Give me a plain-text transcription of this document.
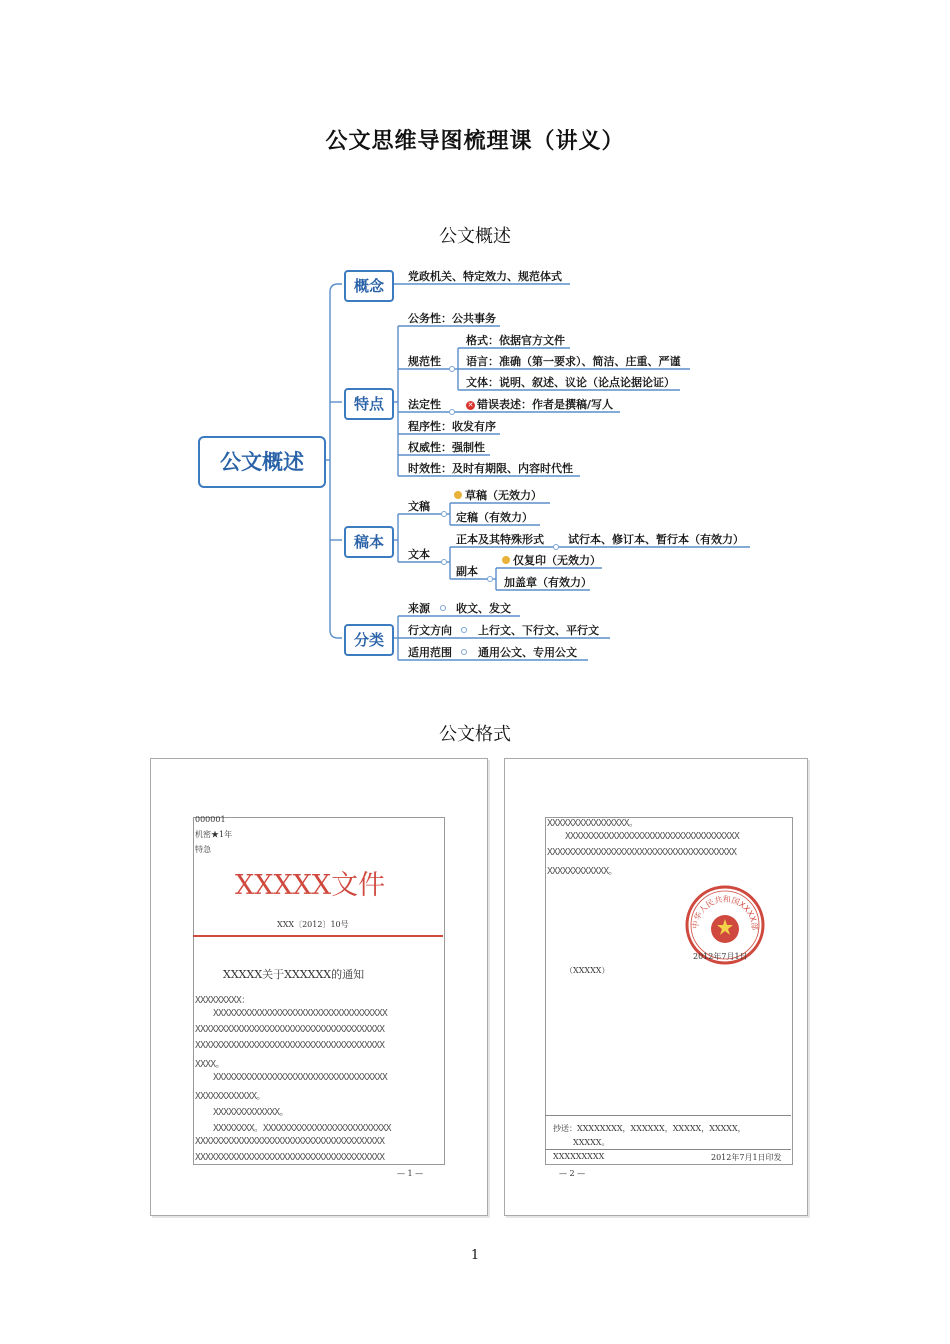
公文思维导图梳理课（讲义）
公文概述
公文概述
概念
特点
稿本
分类
党政机关、特定效力、规范体式
公务性：公共事务
规范性
格式：依据官方文件
语言：准确（第一要求）、简洁、庄重、严谨
文体：说明、叙述、议论（论点论据论证）
法定性	✕ 错误表述：作者是撰稿/写人
程序性：收发有序
权威性：强制性
时效性：及时有期限、内容时代性
文稿
草稿（无效力）
定稿（有效力）
文本
正本及其特殊形式 试行本、修订本、暂行本（有效力）
副本
仅复印（无效力）
加盖章（有效力）
来源 收文、发文
行文方向 上行文、下行文、平行文
适用范围 通用公文、专用公文
公文格式
000001
机密★1年
特急
XXXXX文件
XXX〔2012〕10号
XXXXX关于XXXXXX的通知
XXXXXXXXX：
XXXXXXXXXXXXXXXXXXXXXXXXXXXXXXXXXX
XXXXXXXXXXXXXXXXXXXXXXXXXXXXXXXXXXXXX
XXXXXXXXXXXXXXXXXXXXXXXXXXXXXXXXXXXXX
XXXX。
XXXXXXXXXXXXXXXXXXXXXXXXXXXXXXXXXX
XXXXXXXXXXXX。
XXXXXXXXXXXXX。
XXXXXXXX。XXXXXXXXXXXXXXXXXXXXXXXXX
XXXXXXXXXXXXXXXXXXXXXXXXXXXXXXXXXXXXX
XXXXXXXXXXXXXXXXXXXXXXXXXXXXXXXXXXXXX
— 1 —
XXXXXXXXXXXXXXXX。
XXXXXXXXXXXXXXXXXXXXXXXXXXXXXXXXXX
XXXXXXXXXXXXXXXXXXXXXXXXXXXXXXXXXXXXX
XXXXXXXXXXXX。
中华人民共和国XXXX部
2012年7月1日
（XXXXX）
抄送：XXXXXXXX，XXXXXX，XXXXX，XXXXX，
XXXXX。
XXXXXXXXX	2012年7月1日印发
— 2 —
1
